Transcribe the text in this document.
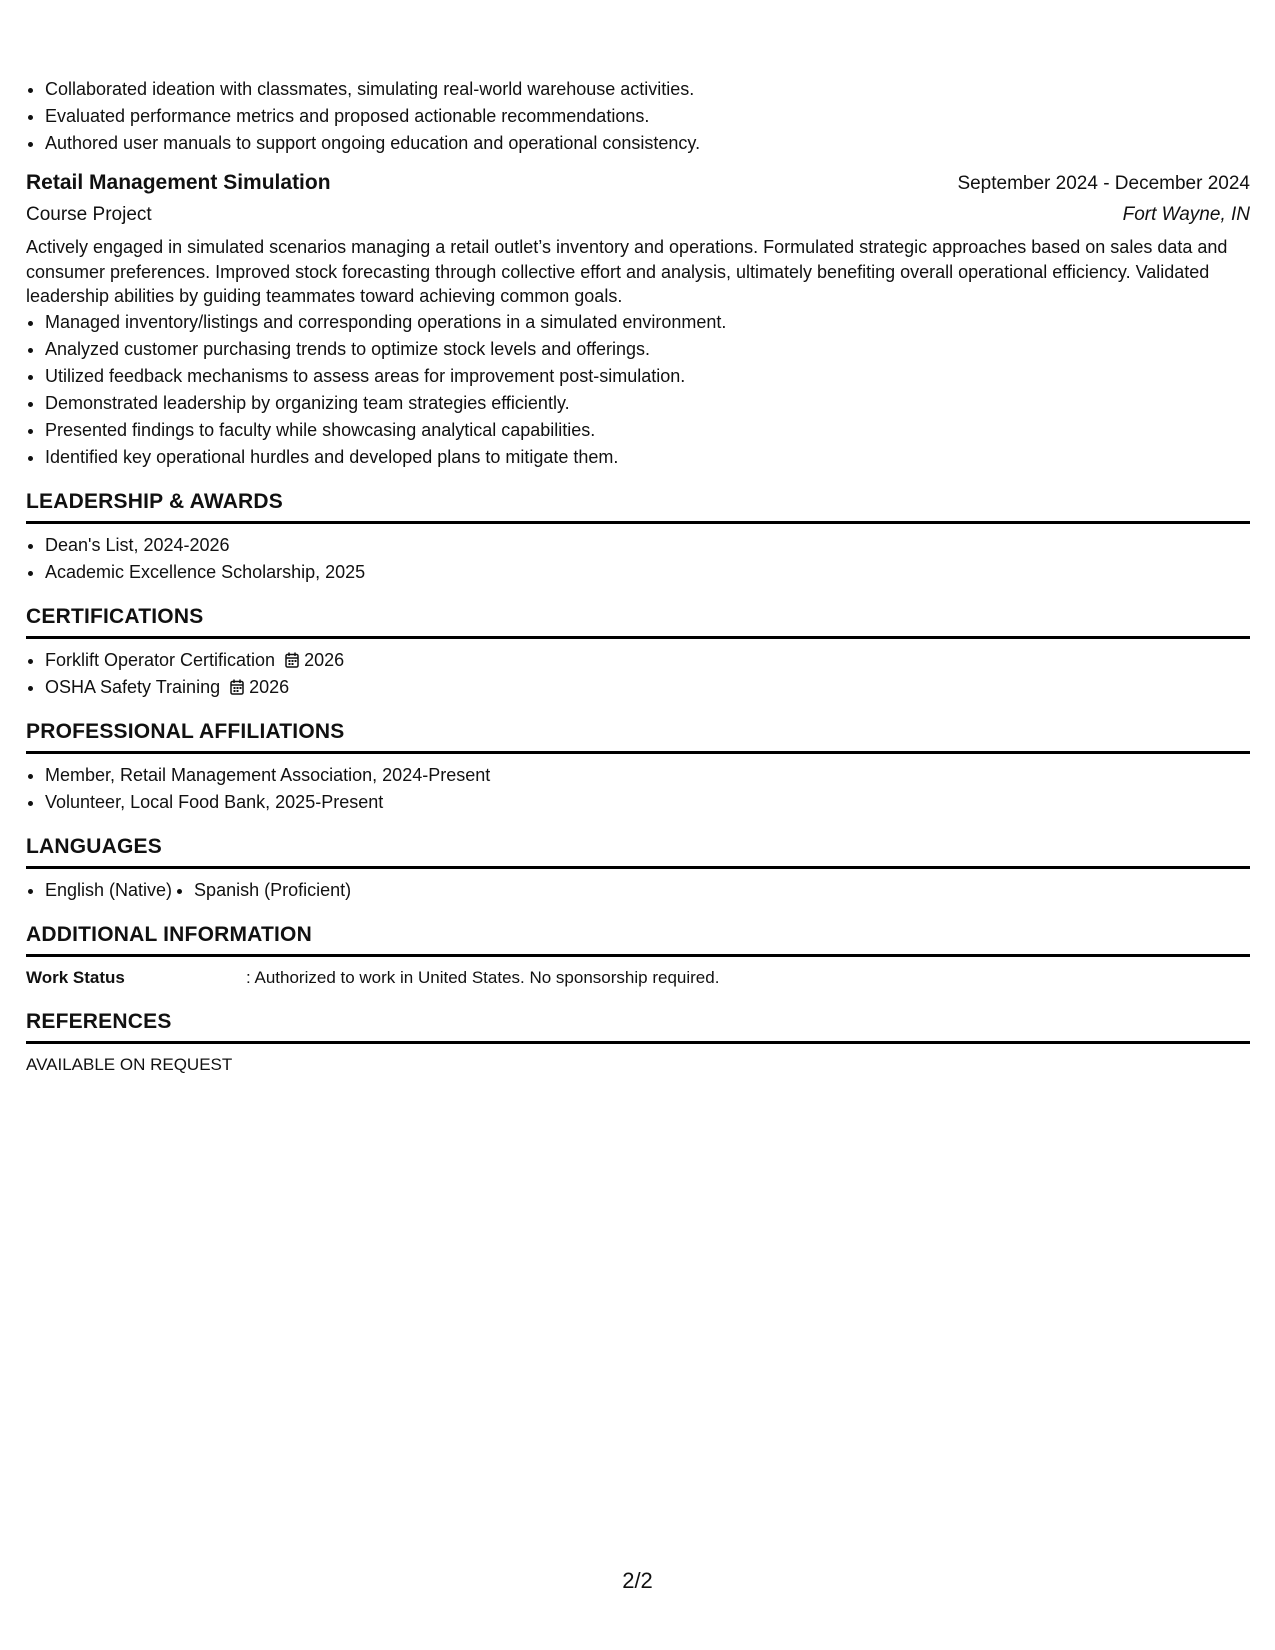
• Collaborated ideation with classmates, simulating real-world warehouse activities.
• Evaluated performance metrics and proposed actionable recommendations.
• Authored user manuals to support ongoing education and operational consistency.
Retail Management Simulation	September 2024 - December 2024
Course Project	Fort Wayne, IN
Actively engaged in simulated scenarios managing a retail outlet’s inventory and operations. Formulated strategic approaches based on sales data and consumer preferences. Improved stock forecasting through collective effort and analysis, ultimately benefiting overall operational efficiency. Validated leadership abilities by guiding teammates toward achieving common goals.
• Managed inventory/listings and corresponding operations in a simulated environment.
• Analyzed customer purchasing trends to optimize stock levels and offerings.
• Utilized feedback mechanisms to assess areas for improvement post-simulation.
• Demonstrated leadership by organizing team strategies efficiently.
• Presented findings to faculty while showcasing analytical capabilities.
• Identified key operational hurdles and developed plans to mitigate them.
LEADERSHIP & AWARDS
• Dean's List, 2024-2026
• Academic Excellence Scholarship, 2025
CERTIFICATIONS
• Forklift Operator Certification 2026
• OSHA Safety Training 2026
PROFESSIONAL AFFILIATIONS
• Member, Retail Management Association, 2024-Present
• Volunteer, Local Food Bank, 2025-Present
LANGUAGES
• English (Native)
• Spanish (Proficient)
ADDITIONAL INFORMATION
Work Status	: Authorized to work in United States. No sponsorship required.
REFERENCES
AVAILABLE ON REQUEST
2/2
